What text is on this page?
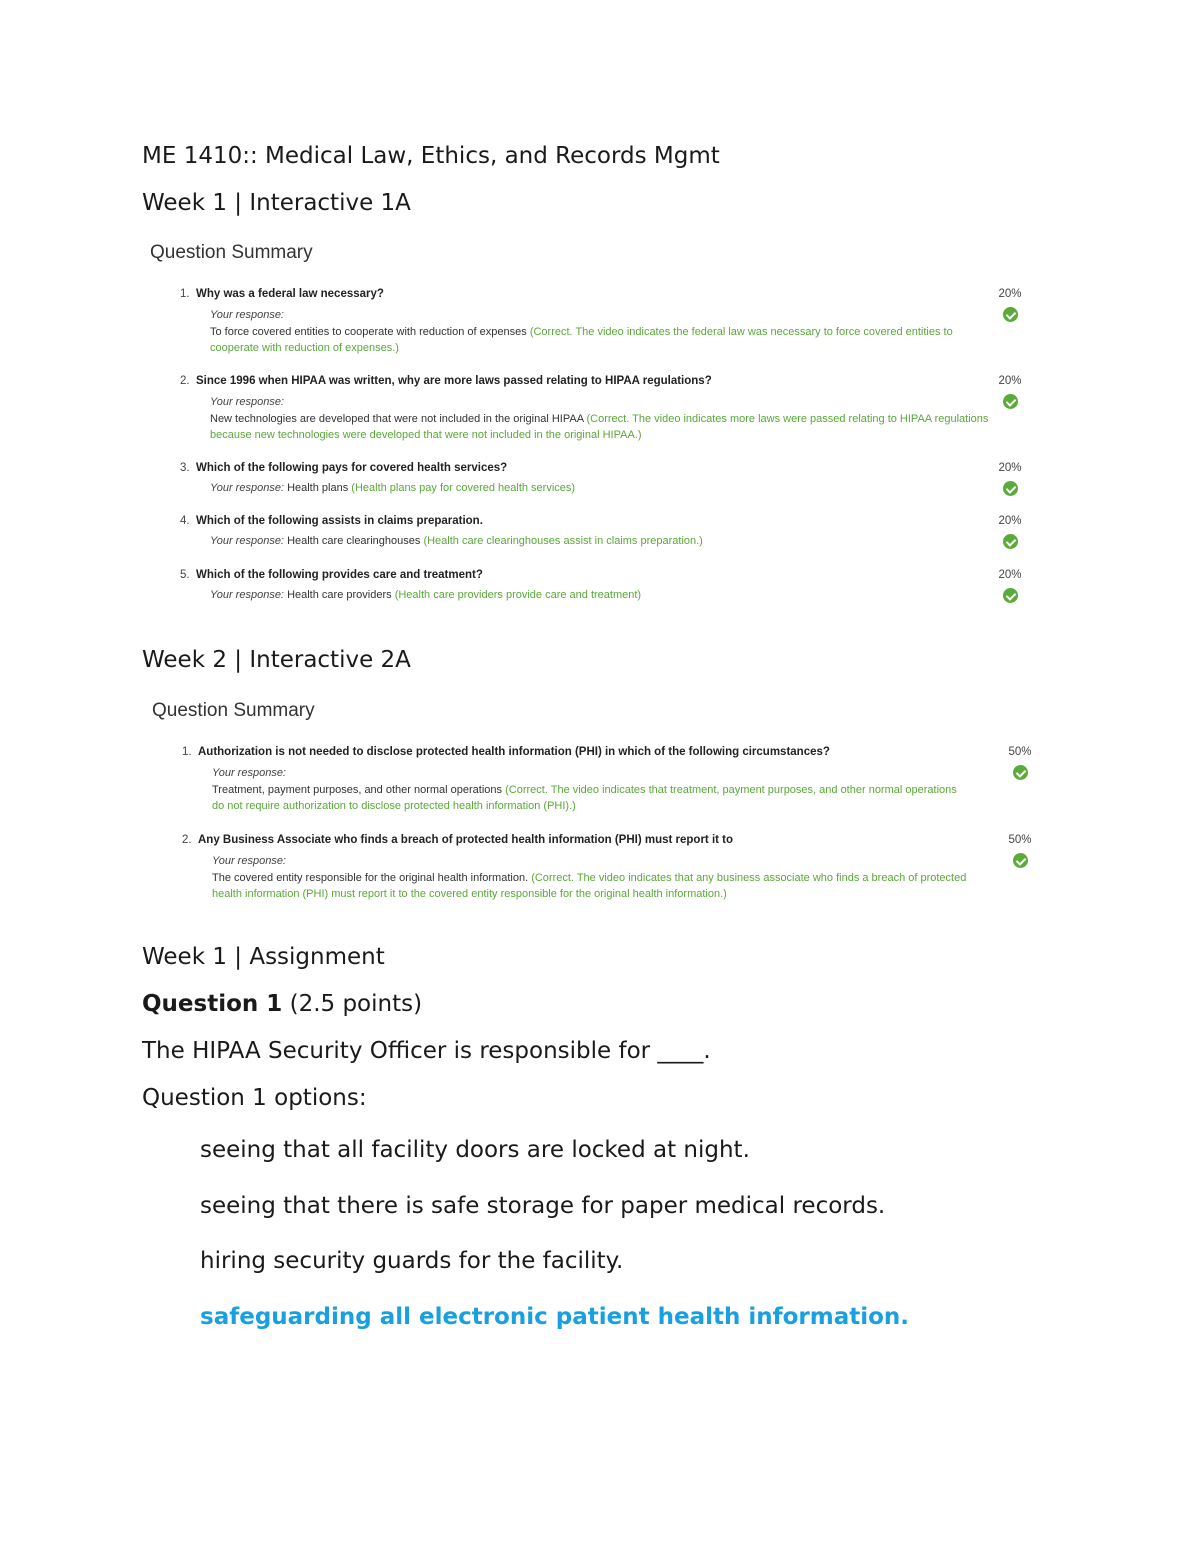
ME 1410:: Medical Law, Ethics, and Records Mgmt
Week 1 | Interactive 1A
Question Summary
1. Why was a federal law necessary?	20%
Your response:
To force covered entities to cooperate with reduction of expenses (Correct. The video indicates the federal law was necessary to force covered entities to cooperate with reduction of expenses.)
2. Since 1996 when HIPAA was written, why are more laws passed relating to HIPAA regulations?	20%
Your response:
New technologies are developed that were not included in the original HIPAA (Correct. The video indicates more laws were passed relating to HIPAA regulations because new technologies were developed that were not included in the original HIPAA.)
3. Which of the following pays for covered health services?	20%
Your response: Health plans (Health plans pay for covered health services)
4. Which of the following assists in claims preparation.	20%
Your response: Health care clearinghouses (Health care clearinghouses assist in claims preparation.)
5. Which of the following provides care and treatment?	20%
Your response: Health care providers (Health care providers provide care and treatment)
Week 2 | Interactive 2A
Question Summary
1. Authorization is not needed to disclose protected health information (PHI) in which of the following circumstances?	50%
Your response:
Treatment, payment purposes, and other normal operations (Correct. The video indicates that treatment, payment purposes, and other normal operations do not require authorization to disclose protected health information (PHI).)
2. Any Business Associate who finds a breach of protected health information (PHI) must report it to	50%
Your response:
The covered entity responsible for the original health information. (Correct. The video indicates that any business associate who finds a breach of protected health information (PHI) must report it to the covered entity responsible for the original health information.)
Week 1 | Assignment
Question 1 (2.5 points)
The HIPAA Security Officer is responsible for ____.
Question 1 options:
seeing that all facility doors are locked at night.
seeing that there is safe storage for paper medical records.
hiring security guards for the facility.
safeguarding all electronic patient health information.
